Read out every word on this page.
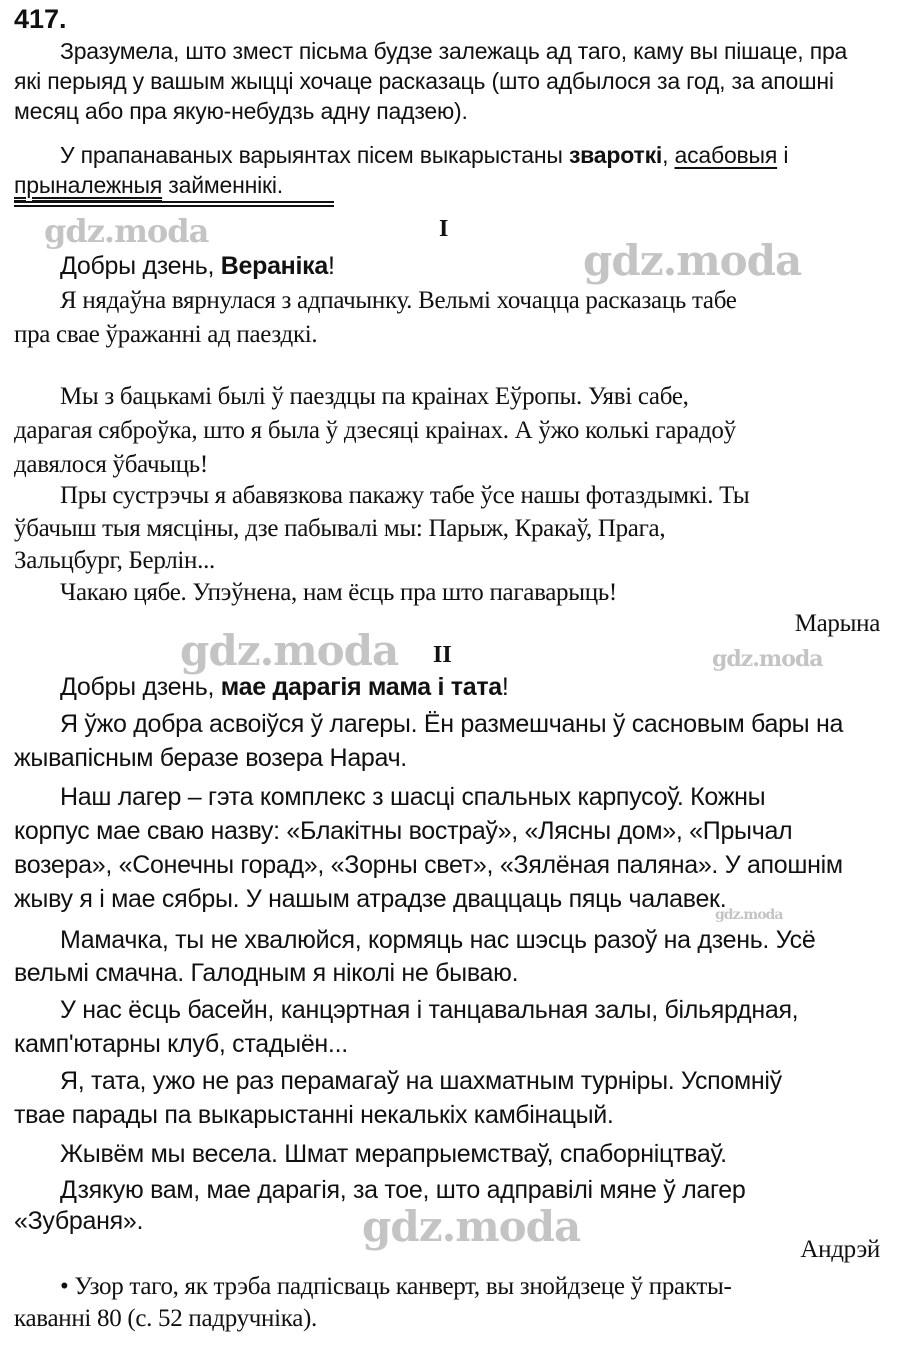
417.
Зразумела, што змест пісьма будзе залежаць ад таго, каму вы пішаце, пра
які перыяд у вашым жыцці хочаце расказаць (што адбылося за год, за апошні
месяц або пра якую-небудзь адну падзею).
У прапанаваных варыянтах пісем выкарыстаны звароткі, асабовыя і
прыналежныя займеннікі.
I
Добры дзень, Вераніка!
Я нядаўна вярнулася з адпачынку. Вельмі хочацца расказаць табе
пра свае ўражанні ад паездкі.
Мы з бацькамі былі ў паездцы па краінах Еўропы. Уяві сабе,
дарагая сяброўка, што я была ў дзесяці краінах. А ўжо колькі гарадоў
давялося ўбачыць!
Пры сустрэчы я абавязкова пакажу табе ўсе нашы фотаздымкі. Ты
ўбачыш тыя мясціны, дзе пабывалі мы: Парыж, Кракаў, Прага,
Зальцбург, Берлін...
Чакаю цябе. Упэўнена, нам ёсць пра што пагаварыць!
Марына
II
Добры дзень, мае дарагія мама і тата!
Я ўжо добра асвоіўся ў лагеры. Ён размешчаны ў сасновым бары на
жывапісным беразе возера Нарач.
Наш лагер – гэта комплекс з шасці спальных карпусоў. Кожны
корпус мае сваю назву: «Блакітны востраў», «Лясны дом», «Прычал
возера», «Сонечны горад», «Зорны свет», «Зялёная паляна». У апошнім
жыву я і мае сябры. У нашым атрадзе дваццаць пяць чалавек.
Мамачка, ты не хвалюйся, кормяць нас шэсць разоў на дзень. Усё
вельмі смачна. Галодным я ніколі не бываю.
У нас ёсць басейн, канцэртная і танцавальная залы, більярдная,
камп'ютарны клуб, стадыён...
Я, тата, ужо не раз перамагаў на шахматным турніры. Успомніў
твае парады па выкарыстанні некалькіх камбінацый.
Жывём мы весела. Шмат мерапрыемстваў, спаборніцтваў.
Дзякую вам, мае дарагія, за тое, што адправілі мяне ў лагер
«Зубраня».
Андрэй
• Узор таго, як трэба падпісваць канверт, вы знойдзеце ў практы-
каванні 80 (с. 52 падручніка).
gdz.moda
gdz.moda
gdz.moda	gdz.moda
gdz.moda
gdz.moda
